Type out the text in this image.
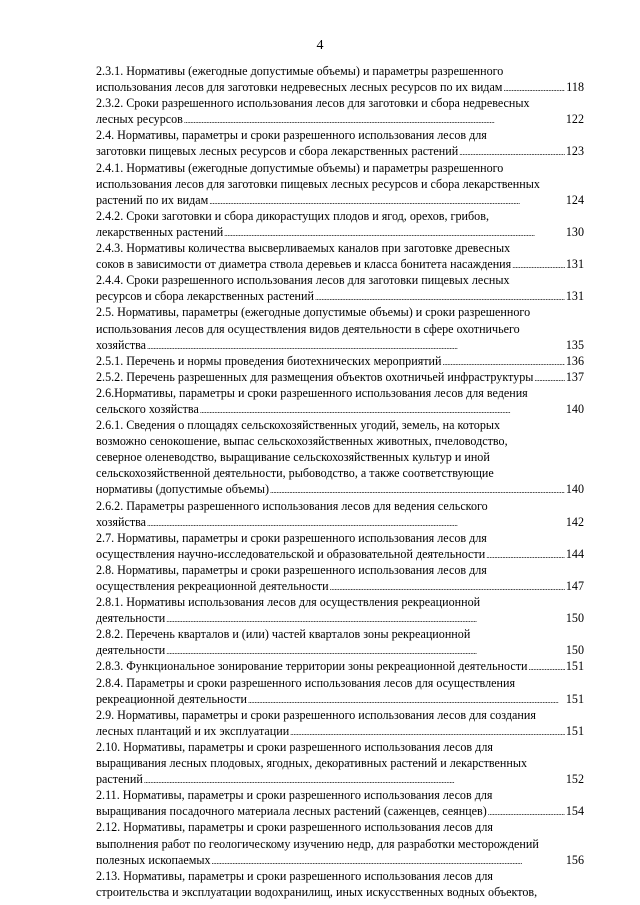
4
2.3.1. Нормативы (ежегодные допустимые объемы) и параметры разрешенного
использования лесов для заготовки недревесных лесных ресурсов по их видам . . .	118
2.3.2. Сроки разрешенного использования лесов для заготовки и сбора недревесных
лесных ресурсов . . .	122
2.4. Нормативы, параметры и сроки разрешенного использования лесов для
заготовки пищевых лесных ресурсов и сбора лекарственных растений . . .	123
2.4.1. Нормативы (ежегодные допустимые объемы) и параметры разрешенного
использования лесов для заготовки пищевых лесных ресурсов и сбора лекарственных
растений по их видам . . .	124
2.4.2. Сроки заготовки и сбора дикорастущих плодов и ягод, орехов, грибов,
лекарственных растений . . .	130
2.4.3. Нормативы количества высверливаемых каналов при заготовке древесных
соков в зависимости от диаметра ствола деревьев и класса бонитета насаждения . . .	131
2.4.4. Сроки разрешенного использования лесов для заготовки пищевых лесных
ресурсов и сбора лекарственных растений . . .	131
2.5. Нормативы, параметры (ежегодные допустимые объемы) и сроки разрешенного
использования лесов для осуществления видов деятельности в сфере охотничьего
хозяйства . . .	135
2.5.1. Перечень и нормы проведения биотехнических мероприятий . . .	136
2.5.2. Перечень разрешенных для размещения объектов охотничьей инфраструктуры . . .	137
2.6.Нормативы, параметры и сроки разрешенного использования лесов для ведения
сельского хозяйства . . .	140
2.6.1. Сведения о площадях сельскохозяйственных угодий, земель, на которых
возможно сенокошение, выпас сельскохозяйственных животных, пчеловодство,
северное оленеводство, выращивание сельскохозяйственных культур и иной
сельскохозяйственной деятельности, рыбоводство, а также соответствующие
нормативы (допустимые объемы) . . .	140
2.6.2. Параметры разрешенного использования лесов для ведения сельского
хозяйства . . .	142
2.7. Нормативы, параметры и сроки разрешенного использования лесов для
осуществления научно-исследовательской и образовательной деятельности . . .	144
2.8. Нормативы, параметры и сроки разрешенного использования лесов для
осуществления рекреационной деятельности . . .	147
2.8.1. Нормативы использования лесов для осуществления рекреационной
деятельности . . .	150
2.8.2. Перечень кварталов и (или) частей кварталов зоны рекреационной
деятельности . . .	150
2.8.3. Функциональное зонирование территории зоны рекреационной деятельности . . .	151
2.8.4. Параметры и сроки разрешенного использования лесов для осуществления
рекреационной деятельности . . .	151
2.9. Нормативы, параметры и сроки разрешенного использования лесов для создания
лесных плантаций и их эксплуатации . . .	151
2.10. Нормативы, параметры и сроки разрешенного использования лесов для
выращивания лесных плодовых, ягодных, декоративных растений и лекарственных
растений . . .	152
2.11. Нормативы, параметры и сроки разрешенного использования лесов для
выращивания посадочного материала лесных растений (саженцев, сеянцев) . . .	154
2.12. Нормативы, параметры и сроки разрешенного использования лесов для
выполнения работ по геологическому изучению недр, для разработки месторождений
полезных ископаемых . . .	156
2.13. Нормативы, параметры и сроки разрешенного использования лесов для
строительства и эксплуатации водохранилищ, иных искусственных водных объектов,
